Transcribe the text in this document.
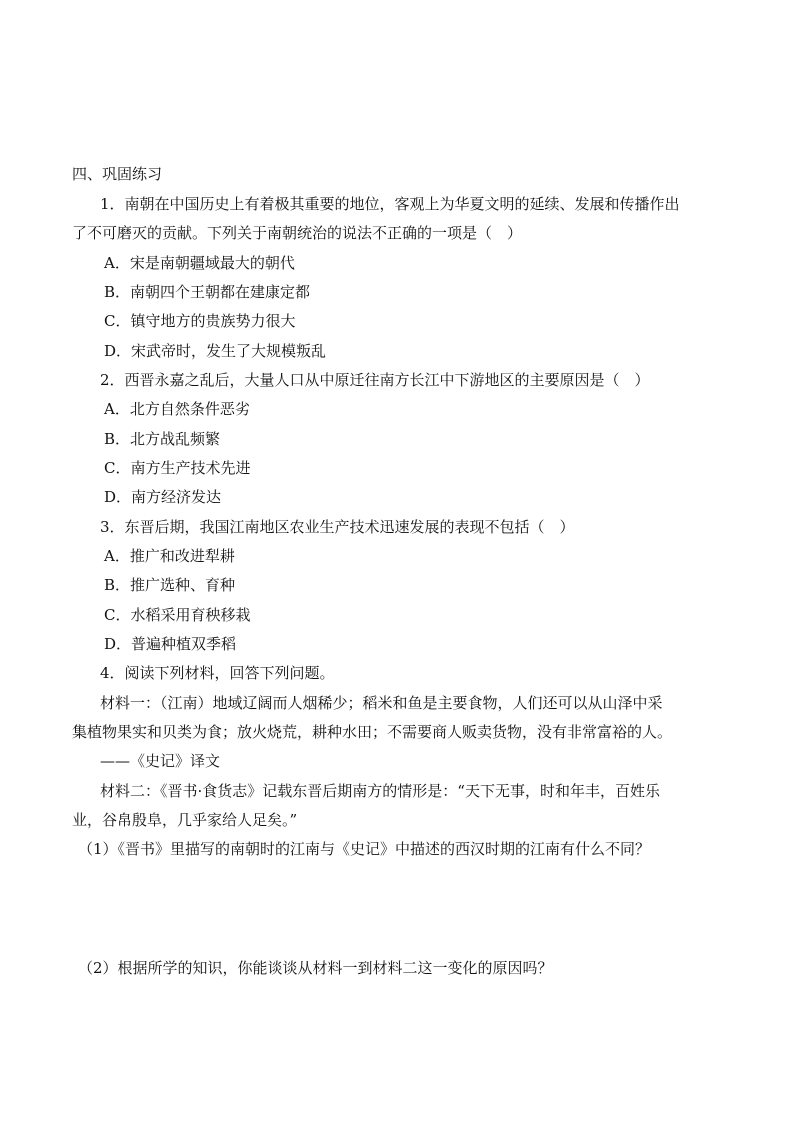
四、巩固练习
1．南朝在中国历史上有着极其重要的地位，客观上为华夏文明的延续、发展和传播作出
了不可磨灭的贡献。下列关于南朝统治的说法不正确的一项是（　）
A．宋是南朝疆域最大的朝代
B．南朝四个王朝都在建康定都
C．镇守地方的贵族势力很大
D．宋武帝时，发生了大规模叛乱
2．西晋永嘉之乱后，大量人口从中原迁往南方长江中下游地区的主要原因是（　）
A．北方自然条件恶劣
B．北方战乱频繁
C．南方生产技术先进
D．南方经济发达
3．东晋后期，我国江南地区农业生产技术迅速发展的表现不包括（　）
A．推广和改进犁耕
B．推广选种、育种
C．水稻采用育秧移栽
D．普遍种植双季稻
4．阅读下列材料，回答下列问题。
材料一：（江南）地域辽阔而人烟稀少；稻米和鱼是主要食物，人们还可以从山泽中采
集植物果实和贝类为食；放火烧荒，耕种水田；不需要商人贩卖货物，没有非常富裕的人。
——《史记》译文
材料二：《晋书·食货志》记载东晋后期南方的情形是：“天下无事，时和年丰，百姓乐
业，谷帛殷阜，几乎家给人足矣。”
（1）《晋书》里描写的南朝时的江南与《史记》中描述的西汉时期的江南有什么不同？
（2）根据所学的知识，你能谈谈从材料一到材料二这一变化的原因吗？
